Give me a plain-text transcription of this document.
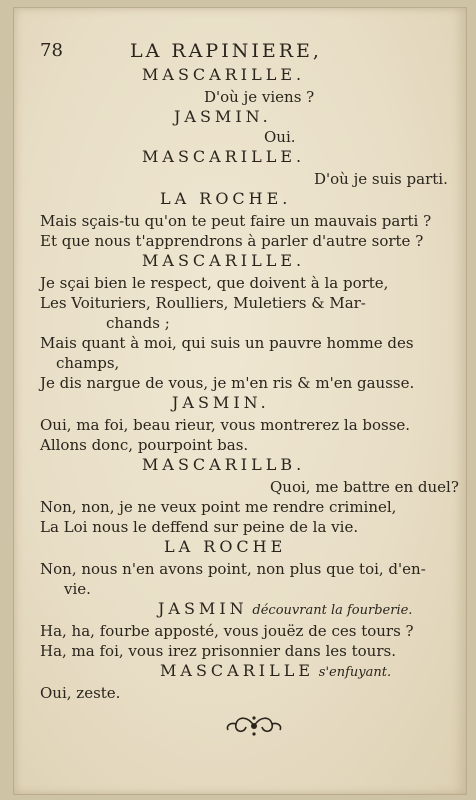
78	LA RAPINIERE,
MASCARILLE.
D'où je viens ?
JASMIN.
Oui.
MASCARILLE.
D'où je suis parti.
LA ROCHE.
Mais sçais-tu qu'on te peut faire un mauvais parti ?
Et que nous t'apprendrons à parler d'autre sorte ?
MASCARILLE.
Je sçai bien le respect, que doivent à la porte,
Les Voituriers, Roulliers, Muletiers & Mar-
chands ;
Mais quant à moi, qui suis un pauvre homme des
champs,
Je dis nargue de vous, je m'en ris & m'en gausse.
JASMIN.
Oui, ma foi, beau rieur, vous montrerez la bosse.
Allons donc, pourpoint bas.
MASCARILLB.
Quoi, me battre en duel?
Non, non, je ne veux point me rendre criminel,
La Loi nous le deffend sur peine de la vie.
LA ROCHE
Non, nous n'en avons point, non plus que toi, d'en-
vie.
JASMIN découvrant la fourberie.
Ha, ha, fourbe apposté, vous jouëz de ces tours ?
Ha, ma foi, vous irez prisonnier dans les tours.
MASCARILLE s'enfuyant.
Oui, zeste.
